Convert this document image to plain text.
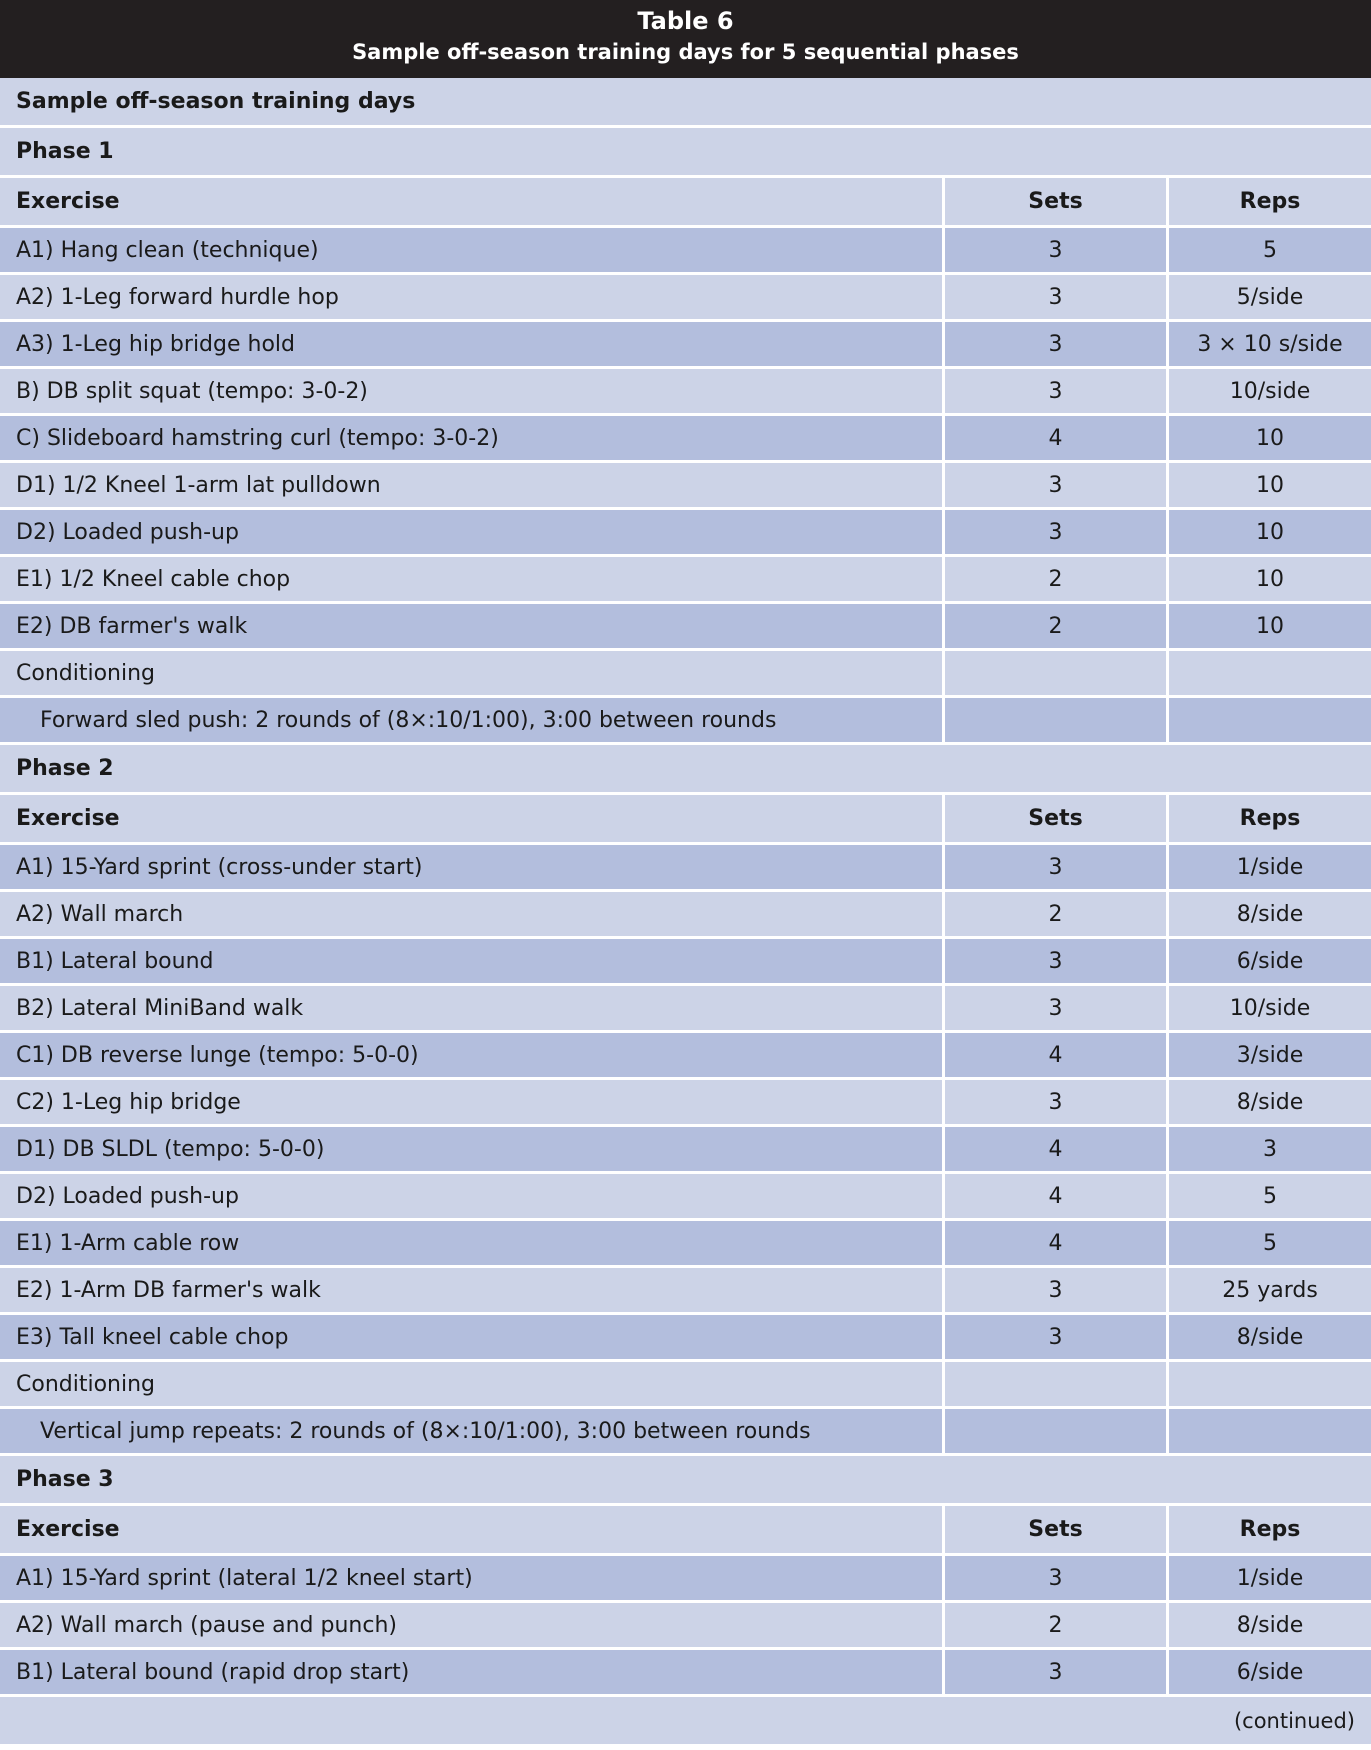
Table 6
Sample off-season training days for 5 sequential phases
Sample off-season training days
Phase 1
Exercise	Sets	Reps
A1) Hang clean (technique)	3	5
A2) 1-Leg forward hurdle hop	3	5/side
A3) 1-Leg hip bridge hold	3	3 × 10 s/side
B) DB split squat (tempo: 3-0-2)	3	10/side
C) Slideboard hamstring curl (tempo: 3-0-2)	4	10
D1) 1/2 Kneel 1-arm lat pulldown	3	10
D2) Loaded push-up	3	10
E1) 1/2 Kneel cable chop	2	10
E2) DB farmer's walk	2	10
Conditioning
Forward sled push: 2 rounds of (8×:10/1:00), 3:00 between rounds
Phase 2
Exercise	Sets	Reps
A1) 15-Yard sprint (cross-under start)	3	1/side
A2) Wall march	2	8/side
B1) Lateral bound	3	6/side
B2) Lateral MiniBand walk	3	10/side
C1) DB reverse lunge (tempo: 5-0-0)	4	3/side
C2) 1-Leg hip bridge	3	8/side
D1) DB SLDL (tempo: 5-0-0)	4	3
D2) Loaded push-up	4	5
E1) 1-Arm cable row	4	5
E2) 1-Arm DB farmer's walk	3	25 yards
E3) Tall kneel cable chop	3	8/side
Conditioning
Vertical jump repeats: 2 rounds of (8×:10/1:00), 3:00 between rounds
Phase 3
Exercise	Sets	Reps
A1) 15-Yard sprint (lateral 1/2 kneel start)	3	1/side
A2) Wall march (pause and punch)	2	8/side
B1) Lateral bound (rapid drop start)	3	6/side
(continued)
